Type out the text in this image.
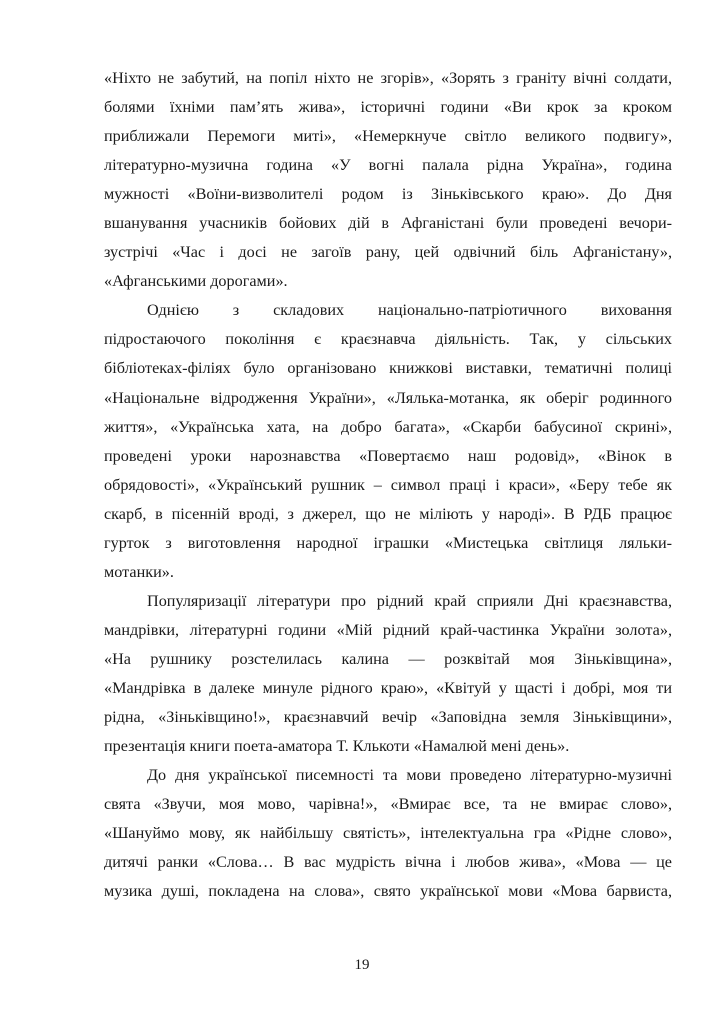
«Ніхто не забутий, на попіл ніхто не згорів», «Зорять з граніту вічні солдати,
болями їхніми пам’ять жива», історичні години «Ви крок за кроком
приближали Перемоги миті», «Немеркнуче світло великого подвигу»,
літературно-музична година «У вогні палала рідна Україна», година
мужності «Воїни-визволителі родом із Зіньківського краю». До Дня
вшанування учасників бойових дій в Афганістані були проведені вечори-
зустрічі «Час і досі не загоїв рану, цей одвічний біль Афганістану»,
«Афганськими дорогами».

Однією з складових національно-патріотичного виховання
підростаючого покоління є краєзнавча діяльність. Так, у сільських
бібліотеках-філіях було організовано книжкові виставки, тематичні полиці
«Національне відродження України», «Лялька-мотанка, як оберіг родинного
життя», «Українська хата, на добро багата», «Скарби бабусиної скрині»,
проведені уроки нарознавства «Повертаємо наш родовід», «Вінок в
обрядовості», «Український рушник – символ праці і краси», «Беру тебе як
скарб, в пісенній вроді, з джерел, що не міліють у народі». В РДБ працює
гурток з виготовлення народної іграшки «Мистецька світлиця ляльки-
мотанки».

Популяризації літератури про рідний край сприяли Дні краєзнавства,
мандрівки, літературні години «Мій рідний край-частинка України золота»,
«На рушнику розстелилась калина — розквітай моя Зіньківщина»,
«Мандрівка в далеке минуле рідного краю», «Квітуй у щасті і добрі, моя ти
рідна, «Зіньківщино!», краєзнавчий вечір «Заповідна земля Зіньківщини»,
презентація книги поета-аматора Т. Клькоти «Намалюй мені день».

До дня української писемності та мови проведено літературно-музичні
свята «Звучи, моя мово, чарівна!», «Вмирає все, та не вмирає слово»,
«Шануймо мову, як найбільшу святість», інтелектуальна гра «Рідне слово»,
дитячі ранки «Слова… В вас мудрість вічна і любов жива», «Мова — це
музика душі, покладена на слова», свято української мови «Мова барвиста,

19
